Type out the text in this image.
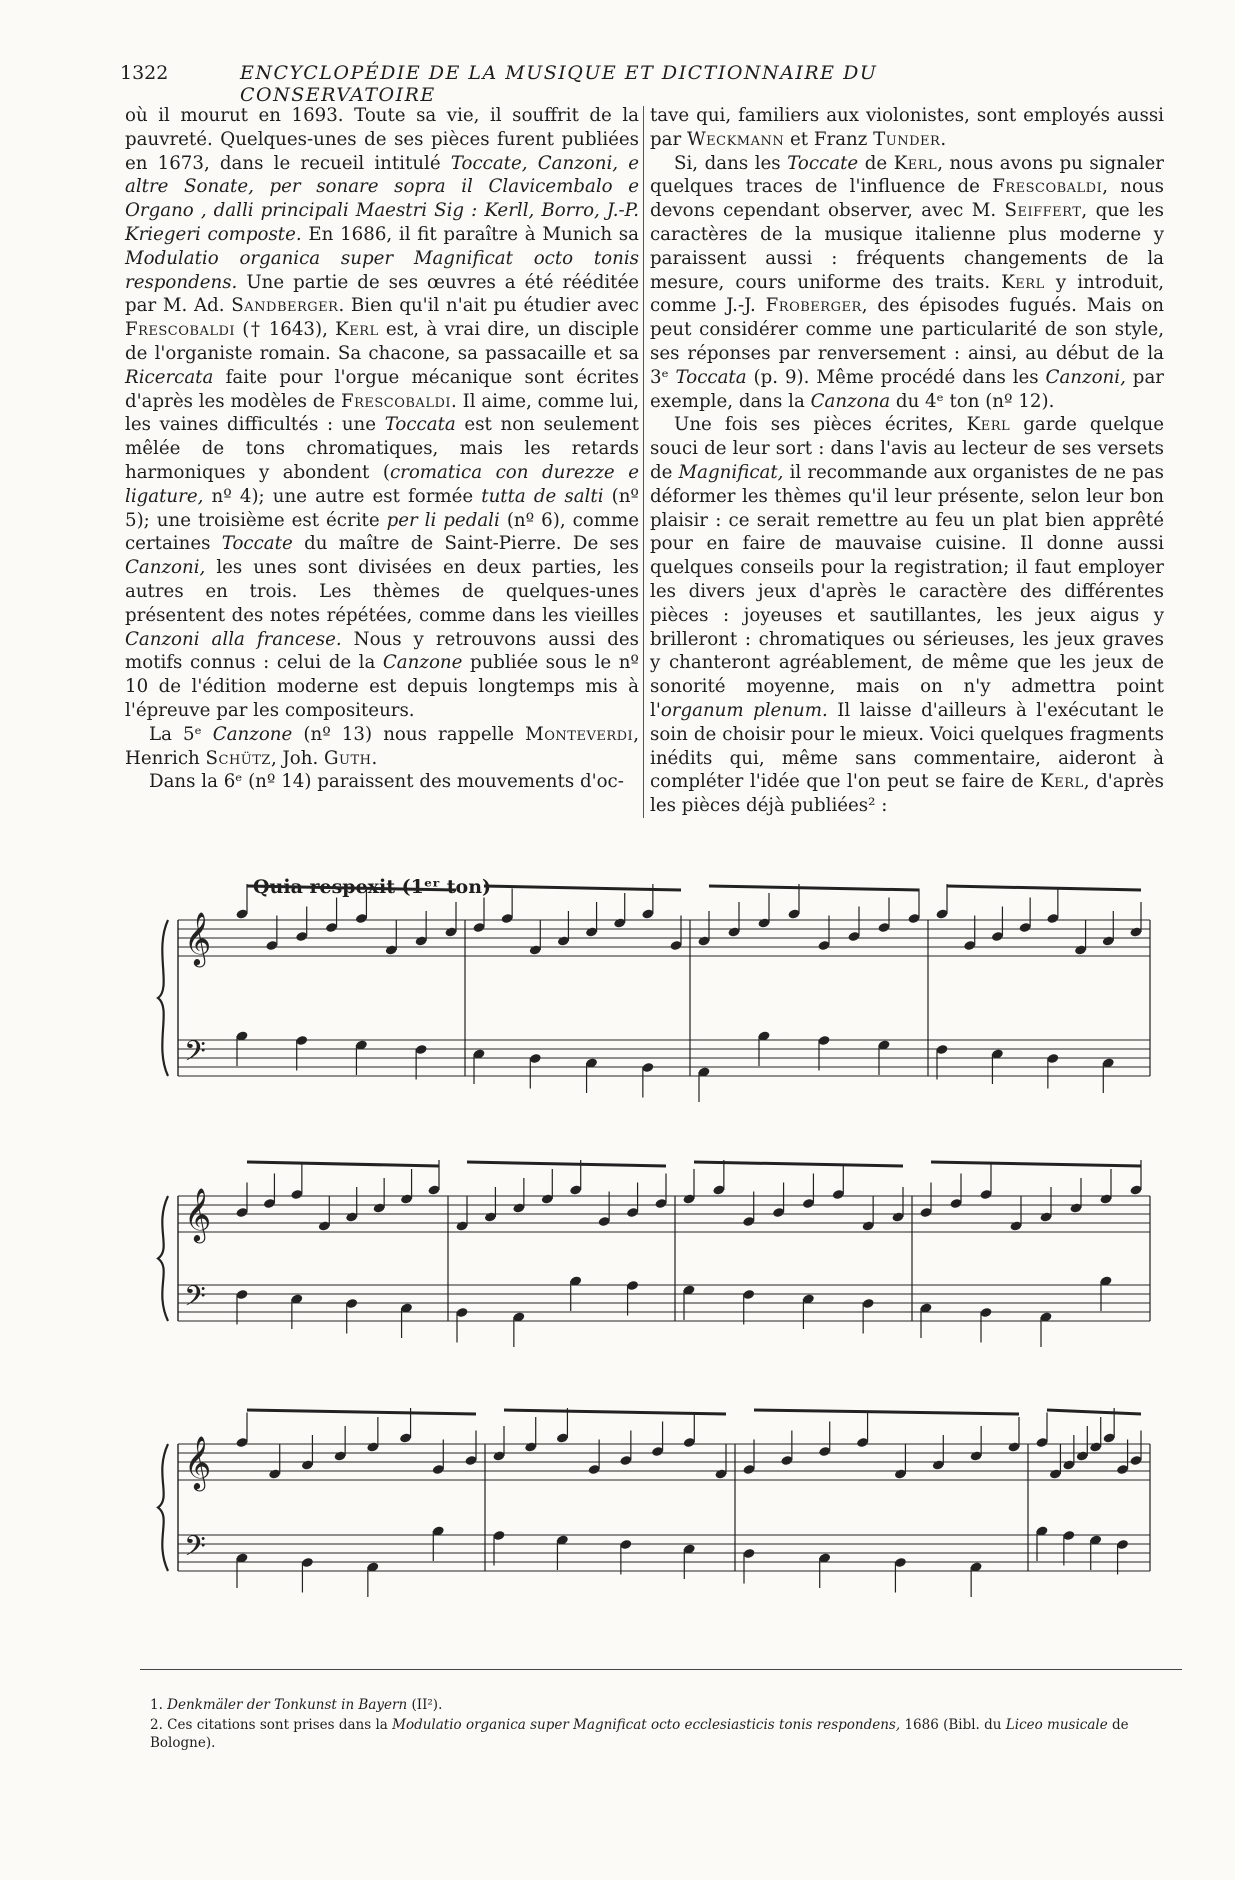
1322	ENCYCLOPÉDIE DE LA MUSIQUE ET DICTIONNAIRE DU CONSERVATOIRE

où il mourut en 1693. Toute sa vie, il souffrit de la pauvreté. Quelques-unes de ses pièces furent publiées en 1673, dans le recueil intitulé Toccate, Canzoni, e altre Sonate, per sonare sopra il Clavicembalo e Organo , dalli principali Maestri Sig : Kerll, Borro, J.-P. Kriegeri composte. En 1686, il fit paraître à Munich sa Modulatio organica super Magnificat octo tonis respondens. Une partie de ses œuvres a été rééditée par M. Ad. Sandberger. Bien qu'il n'ait pu étudier avec Frescobaldi († 1643), Kerl est, à vrai dire, un disciple de l'organiste romain. Sa chacone, sa passacaille et sa Ricercata faite pour l'orgue mécanique sont écrites d'après les modèles de Frescobaldi. Il aime, comme lui, les vaines difficultés : une Toccata est non seulement mêlée de tons chromatiques, mais les retards harmoniques y abondent (cromatica con durezze e ligature, nº 4); une autre est formée tutta de salti (nº 5); une troisième est écrite per li pedali (nº 6), comme certaines Toccate du maître de Saint-Pierre. De ses Canzoni, les unes sont divisées en deux parties, les autres en trois. Les thèmes de quelques-unes présentent des notes répétées, comme dans les vieilles Canzoni alla francese. Nous y retrouvons aussi des motifs connus : celui de la Canzone publiée sous le nº 10 de l'édition moderne est depuis longtemps mis à l'épreuve par les compositeurs.

La 5ᵉ Canzone (nº 13) nous rappelle Monteverdi, Henrich Schütz, Joh. Guth.

Dans la 6ᵉ (nº 14) paraissent des mouvements d'oc-

tave qui, familiers aux violonistes, sont employés aussi par Weckmann et Franz Tunder.

Si, dans les Toccate de Kerl, nous avons pu signaler quelques traces de l'influence de Frescobaldi, nous devons cependant observer, avec M. Seiffert, que les caractères de la musique italienne plus moderne y paraissent aussi : fréquents changements de la mesure, cours uniforme des traits. Kerl y introduit, comme J.-J. Froberger, des épisodes fugués. Mais on peut considérer comme une particularité de son style, ses réponses par renversement : ainsi, au début de la 3ᵉ Toccata (p. 9). Même procédé dans les Canzoni, par exemple, dans la Canzona du 4ᵉ ton (nº 12).

Une fois ses pièces écrites, Kerl garde quelque souci de leur sort : dans l'avis au lecteur de ses versets de Magnificat, il recommande aux organistes de ne pas déformer les thèmes qu'il leur présente, selon leur bon plaisir : ce serait remettre au feu un plat bien apprêté pour en faire de mauvaise cuisine. Il donne aussi quelques conseils pour la registration; il faut employer les divers jeux d'après le caractère des différentes pièces : joyeuses et sautillantes, les jeux aigus y brilleront : chromatiques ou sérieuses, les jeux graves y chanteront agréablement, de même que les jeux de sonorité moyenne, mais on n'y admettra point l'organum plenum. Il laisse d'ailleurs à l'exécutant le soin de choisir pour le mieux. Voici quelques fragments inédits qui, même sans commentaire, aideront à compléter l'idée que l'on peut se faire de Kerl, d'après les pièces déjà publiées² :

Quia respexit (1ᵉʳ ton)
𝄞
𝄢
𝄞
𝄢
𝄞
𝄢

1. Denkmäler der Tonkunst in Bayern (II²).

2. Ces citations sont prises dans la Modulatio organica super Magnificat octo ecclesiasticis tonis respondens, 1686 (Bibl. du Liceo musicale de Bologne).
